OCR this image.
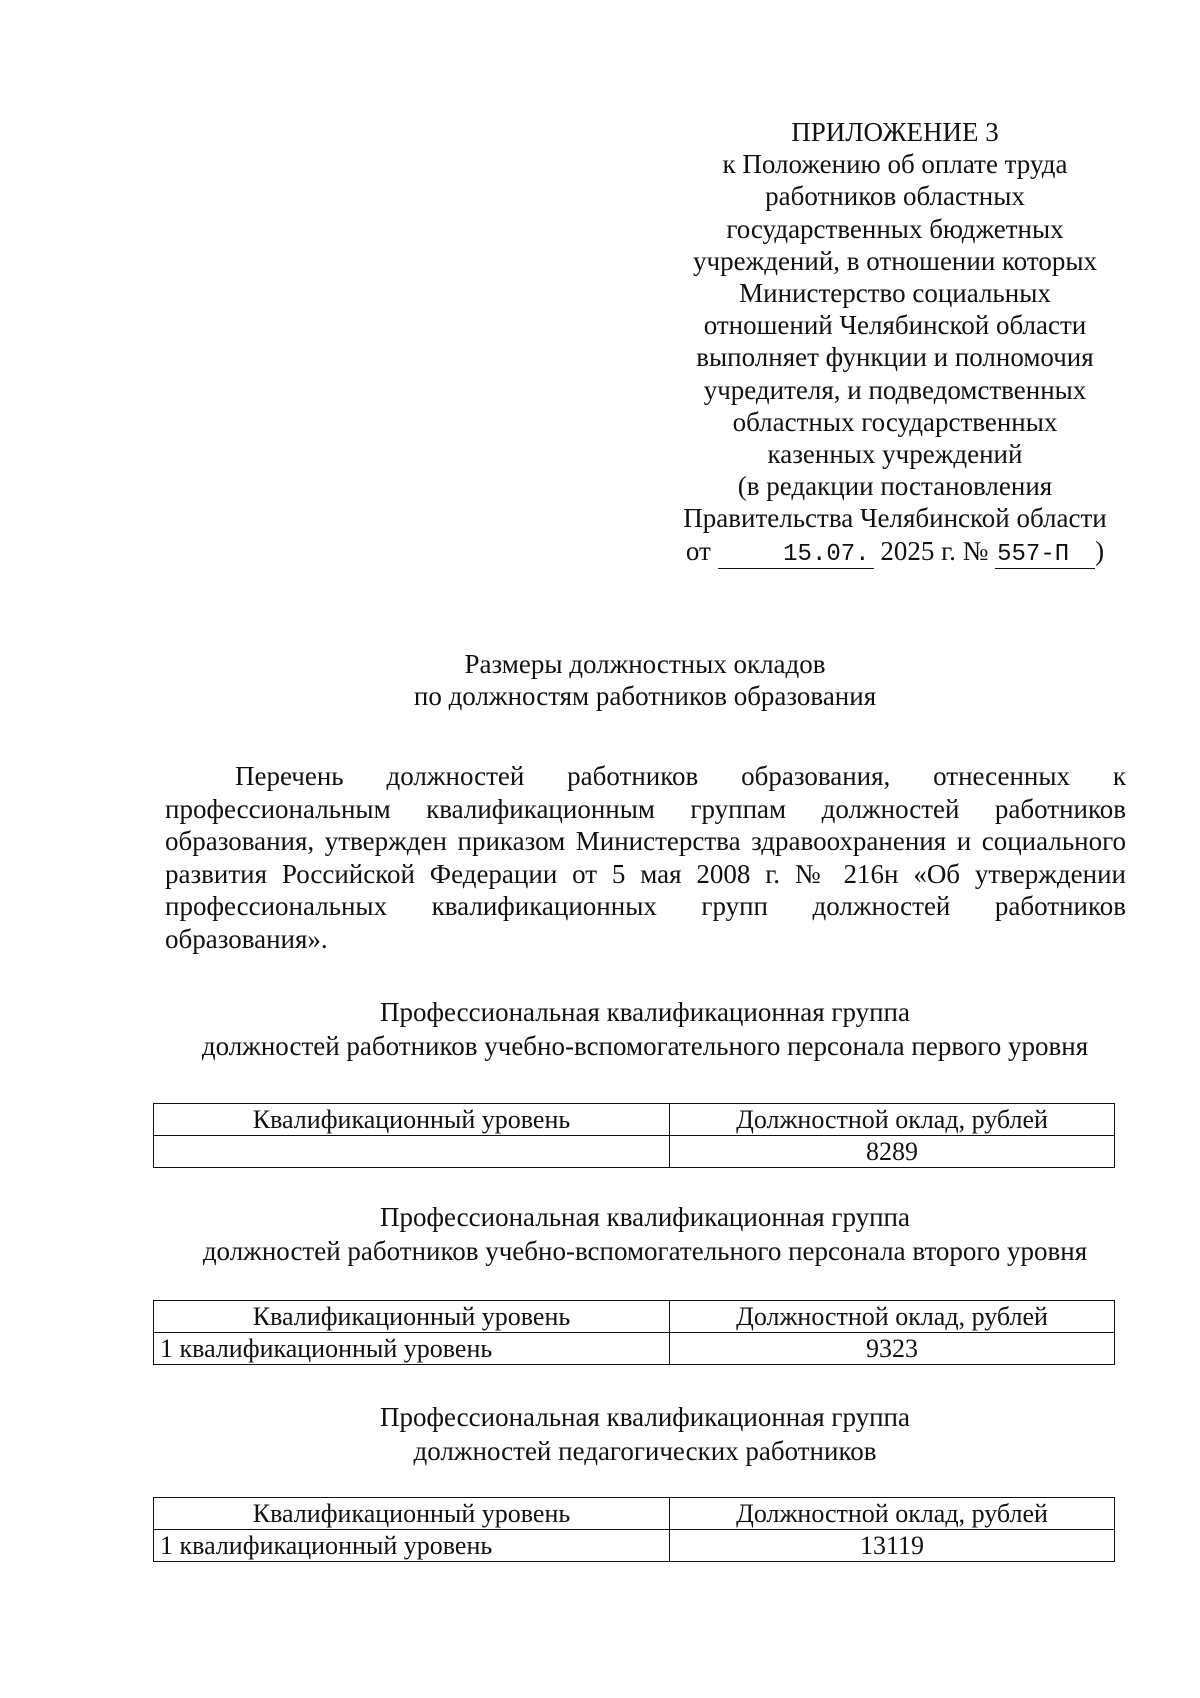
ПРИЛОЖЕНИЕ 3
к Положению об оплате труда
работников областных
государственных бюджетных
учреждений, в отношении которых
Министерство социальных
отношений Челябинской области
выполняет функции и полномочия
учредителя, и подведомственных
областных государственных
казенных учреждений
(в редакции постановления
Правительства Челябинской области
от	15.07. 2025 г. № 557-П )
Размеры должностных окладов
по должностям работников образования
Перечень должностей работников образования, отнесенных к профессиональным квалификационным группам должностей работников образования, утвержден приказом Министерства здравоохранения и социального развития Российской Федерации от 5 мая 2008 г. № 216н «Об утверждении профессиональных квалификационных групп должностей работников образования».
Профессиональная квалификационная группа
должностей работников учебно-вспомогательного персонала первого уровня
Квалификационный уровень	Должностной оклад, рублей
	8289
Профессиональная квалификационная группа
должностей работников учебно-вспомогательного персонала второго уровня
Квалификационный уровень	Должностной оклад, рублей
1 квалификационный уровень	9323
Профессиональная квалификационная группа
должностей педагогических работников
Квалификационный уровень	Должностной оклад, рублей
1 квалификационный уровень	13119
